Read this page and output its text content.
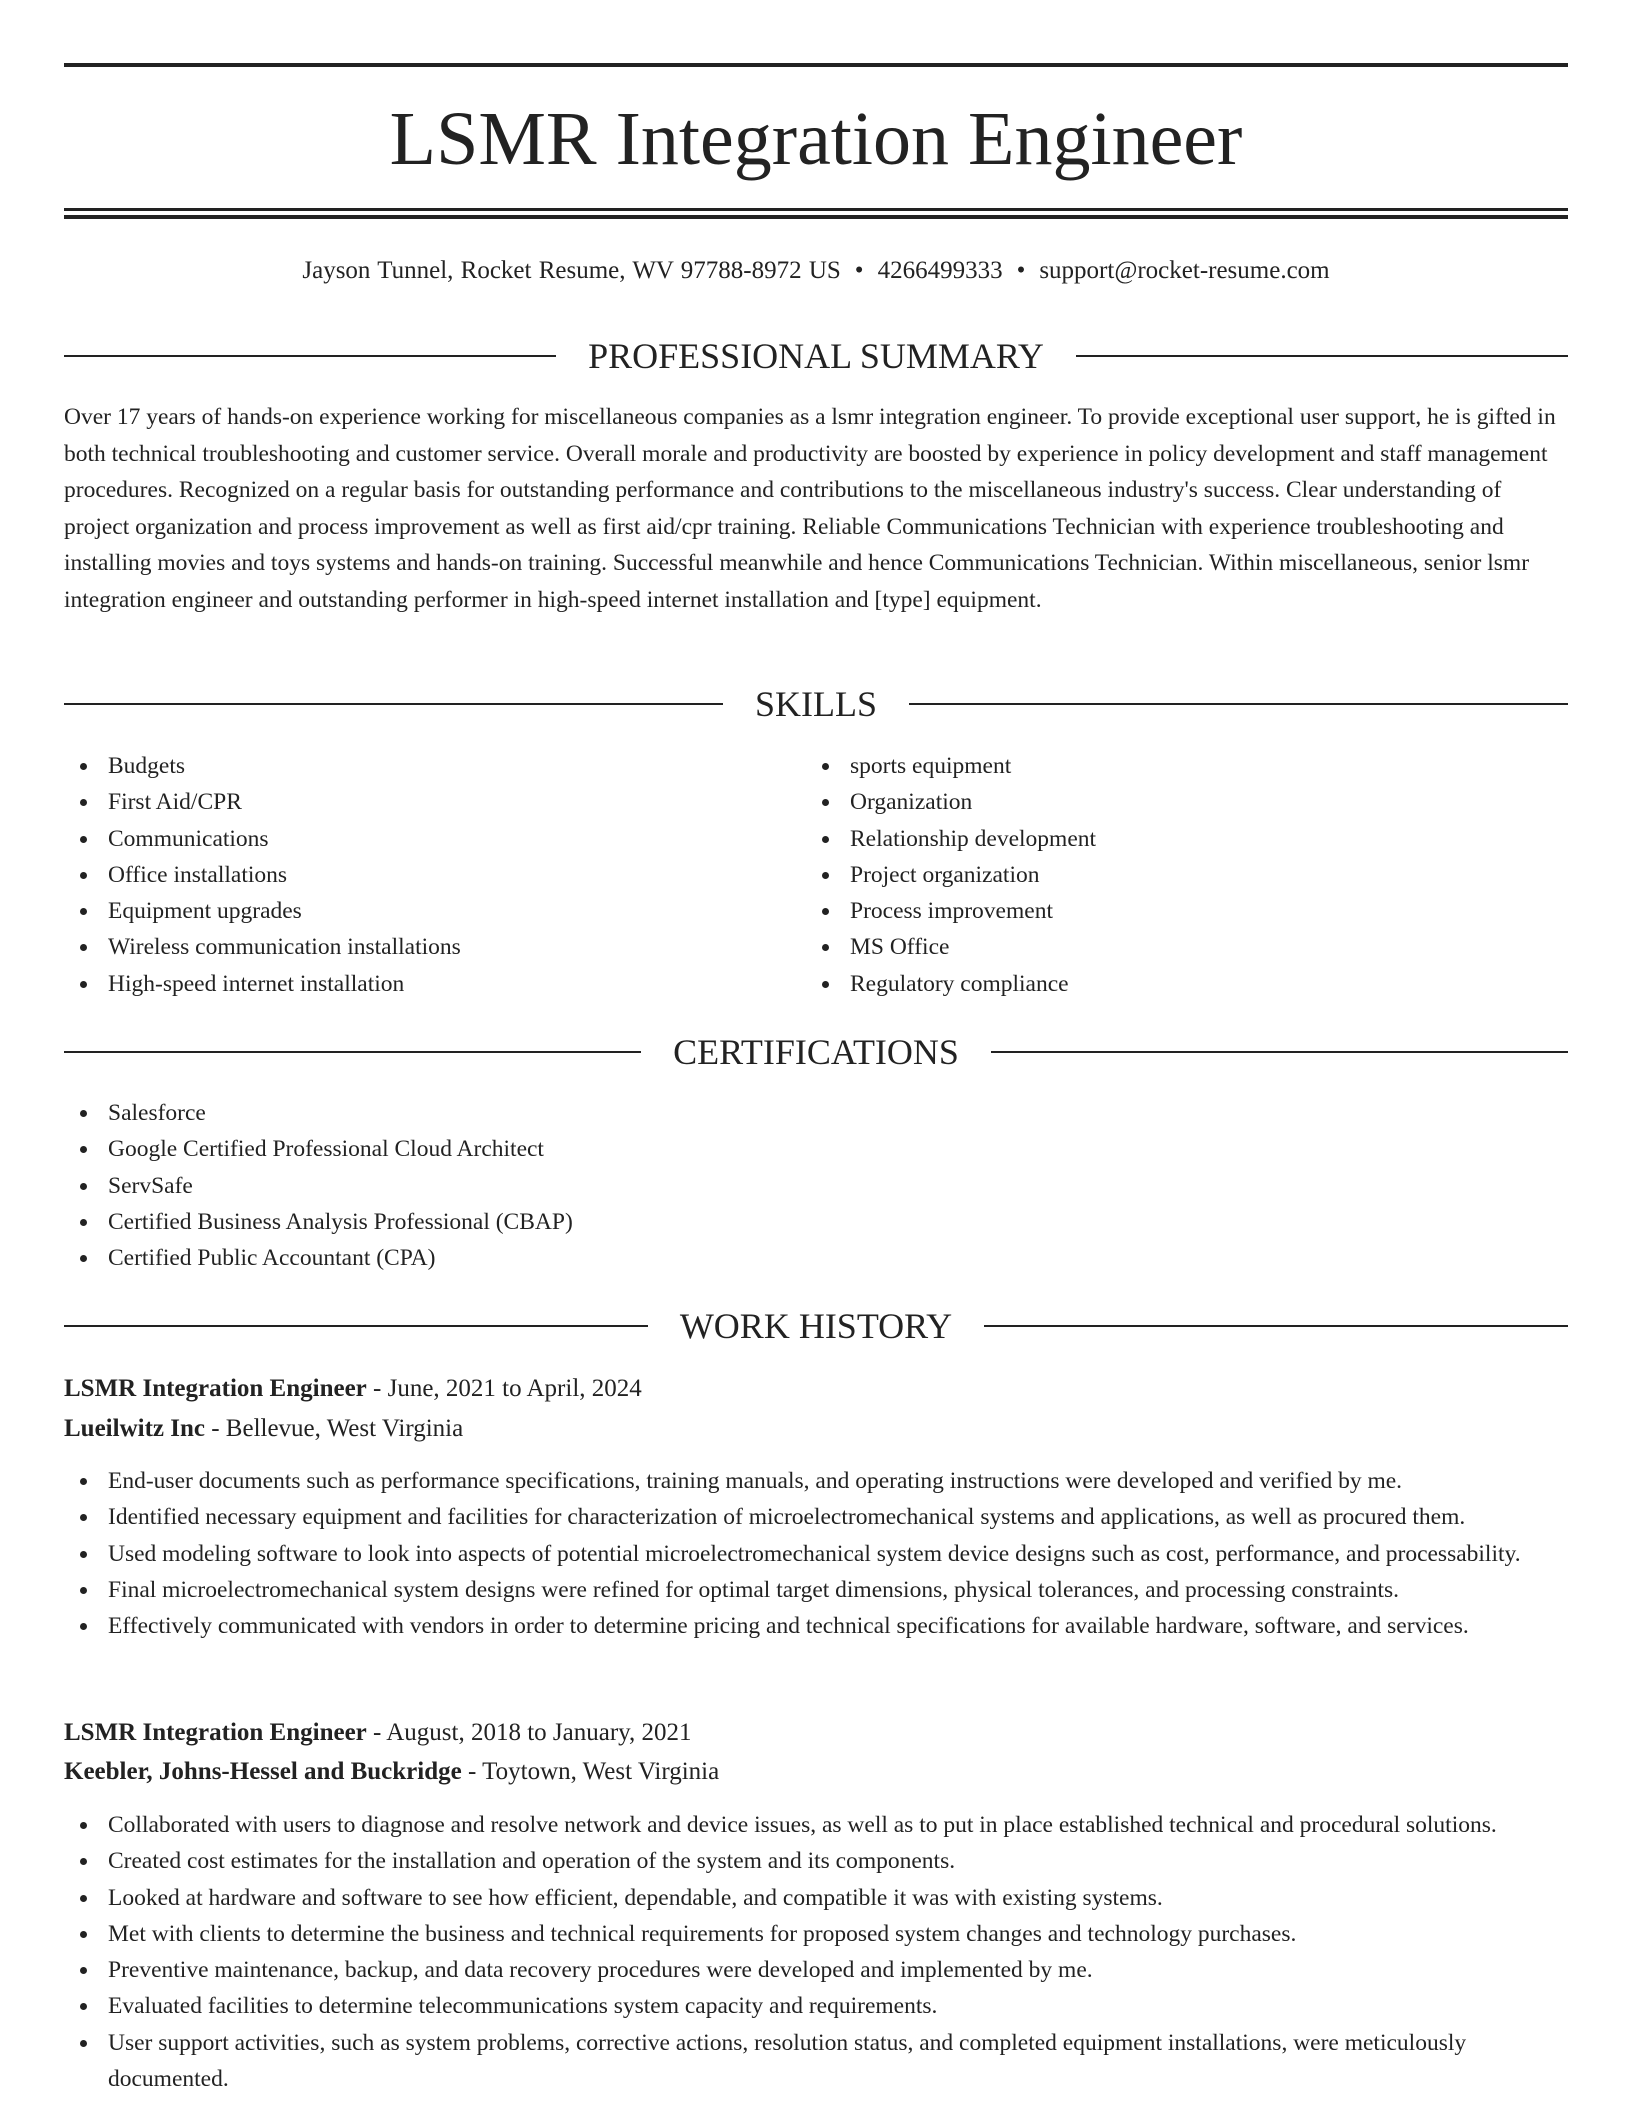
LSMR Integration Engineer
Jayson Tunnel, Rocket Resume, WV 97788-8972 US • 4266499333 • support@rocket-resume.com
PROFESSIONAL SUMMARY

Over 17 years of hands-on experience working for miscellaneous companies as a lsmr integration engineer. To provide exceptional user support, he is gifted in both technical troubleshooting and customer service. Overall morale and productivity are boosted by experience in policy development and staff management procedures. Recognized on a regular basis for outstanding performance and contributions to the miscellaneous industry's success. Clear understanding of project organization and process improvement as well as first aid/cpr training. Reliable Communications Technician with experience troubleshooting and installing movies and toys systems and hands-on training. Successful meanwhile and hence Communications Technician. Within miscellaneous, senior lsmr integration engineer and outstanding performer in high-speed internet installation and [type] equipment.

SKILLS
Budgets
First Aid/CPR
Communications
Office installations
Equipment upgrades
Wireless communication installations
High-speed internet installation
sports equipment
Organization
Relationship development
Project organization
Process improvement
MS Office
Regulatory compliance
CERTIFICATIONS
Salesforce
Google Certified Professional Cloud Architect
ServSafe
Certified Business Analysis Professional (CBAP)
Certified Public Accountant (CPA)
WORK HISTORY
LSMR Integration Engineer - June, 2021 to April, 2024
Lueilwitz Inc - Bellevue, West Virginia
End-user documents such as performance specifications, training manuals, and operating instructions were developed and verified by me.
Identified necessary equipment and facilities for characterization of microelectromechanical systems and applications, as well as procured them.
Used modeling software to look into aspects of potential microelectromechanical system device designs such as cost, performance, and processability.
Final microelectromechanical system designs were refined for optimal target dimensions, physical tolerances, and processing constraints.
Effectively communicated with vendors in order to determine pricing and technical specifications for available hardware, software, and services.
LSMR Integration Engineer - August, 2018 to January, 2021
Keebler, Johns-Hessel and Buckridge - Toytown, West Virginia
Collaborated with users to diagnose and resolve network and device issues, as well as to put in place established technical and procedural solutions.
Created cost estimates for the installation and operation of the system and its components.
Looked at hardware and software to see how efficient, dependable, and compatible it was with existing systems.
Met with clients to determine the business and technical requirements for proposed system changes and technology purchases.
Preventive maintenance, backup, and data recovery procedures were developed and implemented by me.
Evaluated facilities to determine telecommunications system capacity and requirements.
User support activities, such as system problems, corrective actions, resolution status, and completed equipment installations, were meticulously documented.
